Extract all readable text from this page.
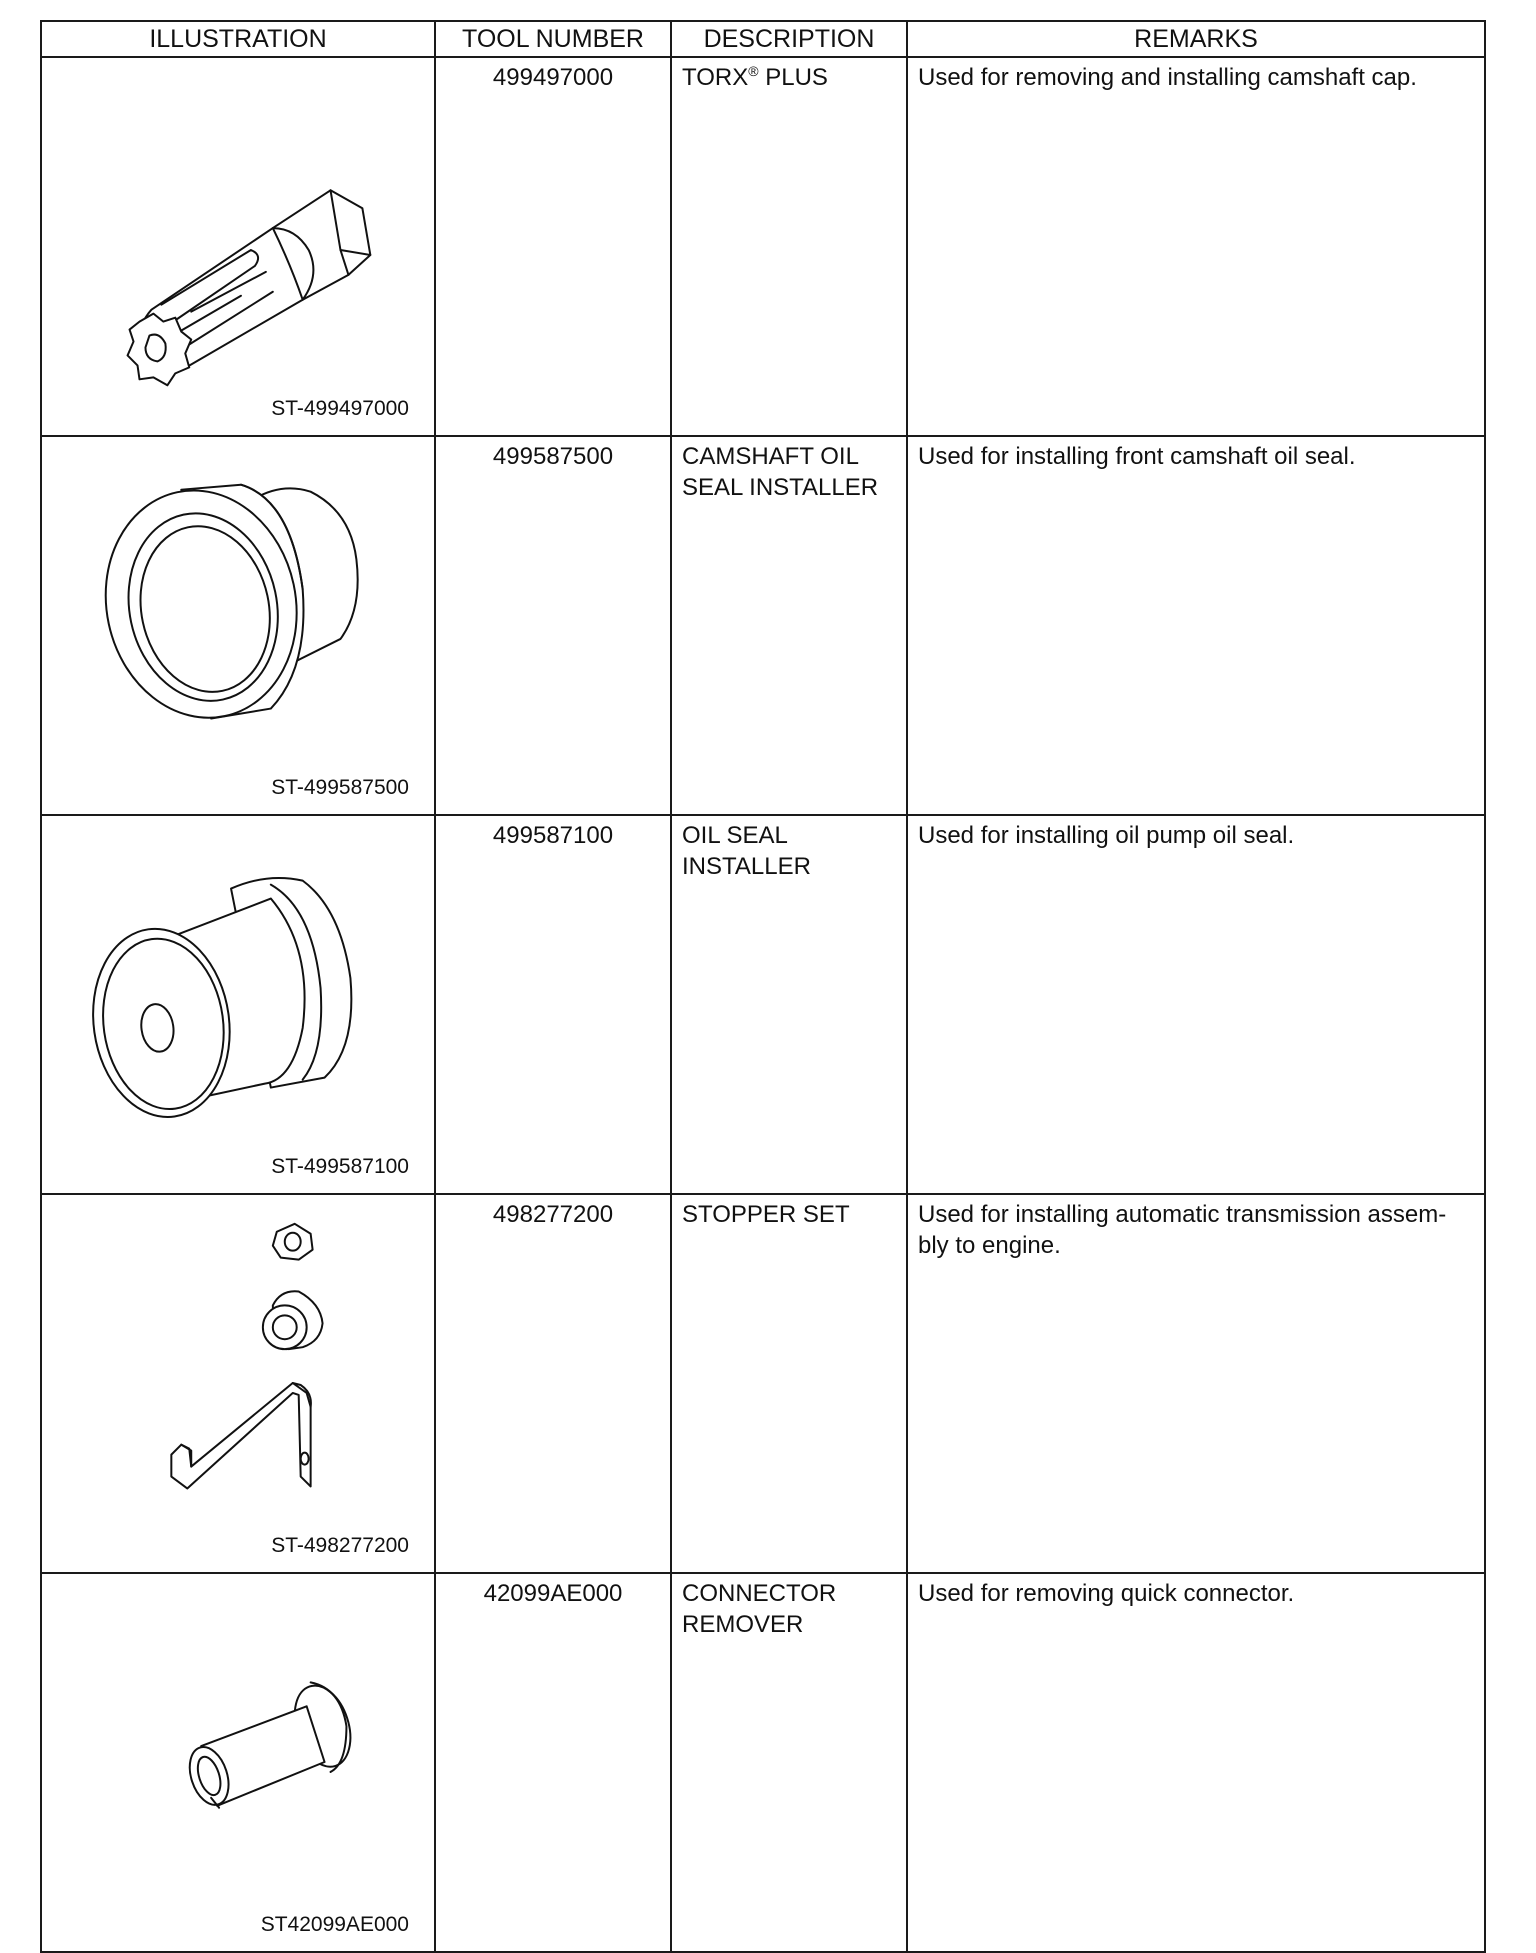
ILLUSTRATION	TOOL NUMBER	DESCRIPTION	REMARKS

ST-499497000	499497000	TORX® PLUS	Used for removing and installing camshaft cap.

ST-499587500	499587500	CAMSHAFT OIL
SEAL INSTALLER	Used for installing front camshaft oil seal.

ST-499587100	499587100	OIL SEAL
INSTALLER	Used for installing oil pump oil seal.

ST-498277200	498277200	STOPPER SET	Used for installing automatic transmission assem-bly to engine.

ST42099AE000	42099AE000	CONNECTOR
REMOVER	Used for removing quick connector.
